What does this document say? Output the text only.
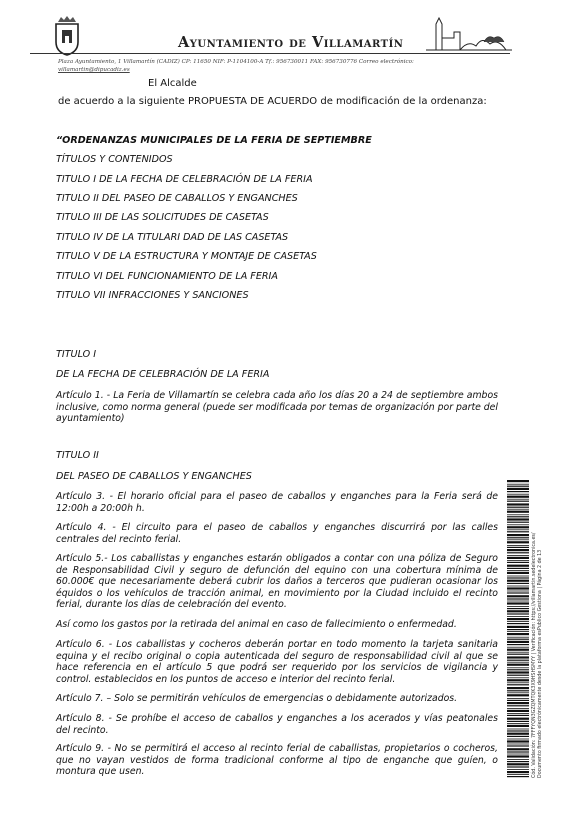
Ayuntamiento de Villamartín
Plaza Ayuntamiento, 1 Villamartín (CADIZ) CP: 11650 NIF: P-1104100-A Tf.: 956730011 FAX: 956730776 Correo electrónico:
villamartin@dipucadiz.es
El Alcalde
de acuerdo a la siguiente PROPUESTA DE ACUERDO de modificación de la ordenanza:
“ORDENANZAS MUNICIPALES DE LA FERIA DE SEPTIEMBRE
TÍTULOS Y CONTENIDOS
TITULO I DE LA FECHA DE CELEBRACIÓN DE LA FERIA
TITULO II DEL PASEO DE CABALLOS Y ENGANCHES
TITULO III DE LAS SOLICITUDES DE CASETAS
TITULO IV DE LA TITULARI DAD DE LAS CASETAS
TITULO V DE LA ESTRUCTURA Y MONTAJE DE CASETAS
TITULO VI DEL FUNCIONAMIENTO DE LA FERIA
TITULO VII INFRACCIONES Y SANCIONES
TITULO I
DE LA FECHA DE CELEBRACIÓN DE LA FERIA

Artículo 1. - La Feria de Villamartín se celebra cada año los días 20 a 24 de septiembre ambos inclusive, como norma general (puede ser modificada por temas de organización por parte del ayuntamiento)

TITULO II
DEL PASEO DE CABALLOS Y ENGANCHES

Artículo 3. - El horario oficial para el paseo de caballos y enganches para la Feria será de 12:00h a 20:00h h.

Artículo 4. - El circuito para el paseo de caballos y enganches discurrirá por las calles centrales del recinto ferial.

Artículo 5.- Los caballistas y enganches estarán obligados a contar con una póliza de Seguro de Responsabilidad Civil y seguro de defunción del equino con una cobertura mínima de 60.000€ que necesariamente deberá cubrir los daños a terceros que pudieran ocasionar los équidos o los vehículos de tracción animal, en movimiento por la Ciudad incluido el recinto ferial, durante los días de celebración del evento.

Así como los gastos por la retirada del animal en caso de fallecimiento o enfermedad.

Artículo 6. - Los caballistas y cocheros deberán portar en todo momento la tarjeta sanitaria equina y el recibo original o copia autenticada del seguro de responsabilidad civil al que se hace referencia en el artículo 5 que podrá ser requerido por los servicios de vigilancia y control. establecidos en los puntos de acceso e interior del recinto ferial.

Artículo 7. – Solo se permitirán vehículos de emergencias o debidamente autorizados.

Artículo 8. - Se prohíbe el acceso de caballos y enganches a los acerados y vías peatonales del recinto.

Artículo 9. - No se permitirá el acceso al recinto ferial de caballistas, propietarios o cocheros, que no vayan vestidos de forma tradicional conforme al tipo de enganche que guíen, o montura que usen.	Cód. Validación: 7FFFYQN3GZQMTQK3X9HSHSMYY | Verificación: https://villamartin.sedelectronica.es/ Documento firmado electrónicamente desde la plataforma esPublico Gestiona | Página 2 de 13
